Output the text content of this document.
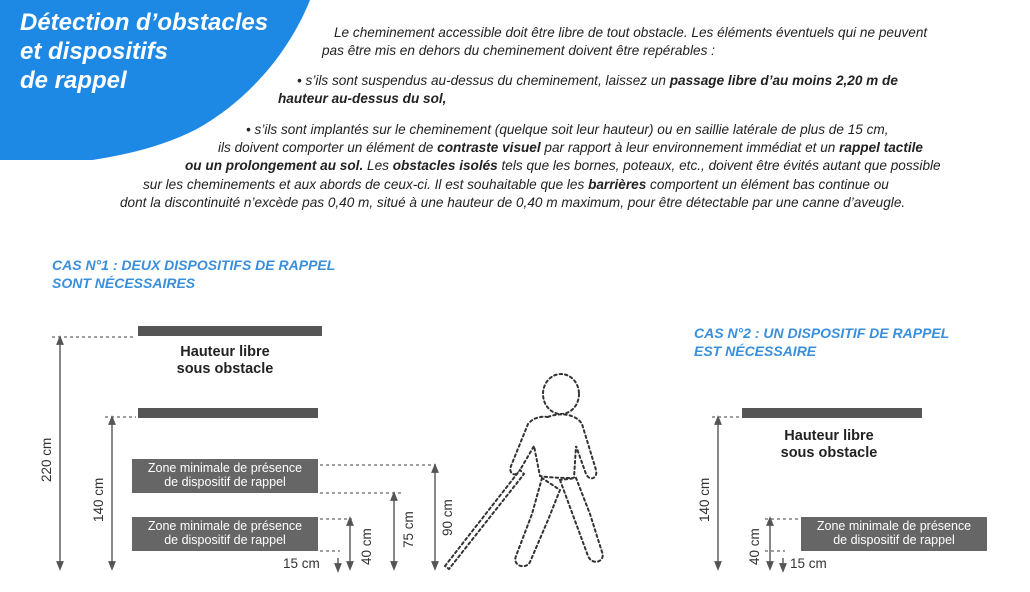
Détection d’obstacles
et dispositifs
de rappel
Le cheminement accessible doit être libre de tout obstacle. Les éléments éventuels qui ne peuvent
pas être mis en dehors du cheminement doivent être repérables :
• s’ils sont suspendus au-dessus du cheminement, laissez un passage libre d’au moins 2,20 m de
hauteur au-dessus du sol,
• s’ils sont implantés sur le cheminement (quelque soit leur hauteur) ou en saillie latérale de plus de 15 cm,
ils doivent comporter un élément de contraste visuel par rapport à leur environnement immédiat et un rappel tactile
ou un prolongement au sol. Les obstacles isolés tels que les bornes, poteaux, etc., doivent être évités autant que possible
sur les cheminements et aux abords de ceux-ci. Il est souhaitable que les barrières comportent un élément bas continue ou
dont la discontinuité n’excède pas 0,40 m, situé à une hauteur de 0,40 m maximum, pour être détectable par une canne d’aveugle.
CAS N°1 : DEUX DISPOSITIFS DE RAPPEL
SONT NÉCESSAIRES
CAS N°2 : UN DISPOSITIF DE RAPPEL
EST NÉCESSAIRE
Hauteur libre
sous obstacle
Hauteur libre
sous obstacle
Zone minimale de présence
de dispositif de rappel
Zone minimale de présence
de dispositif de rappel
Zone minimale de présence
de dispositif de rappel
220 cm
140 cm
40 cm 75 cm 90 cm
15 cm
140 cm
40 cm 15 cm
